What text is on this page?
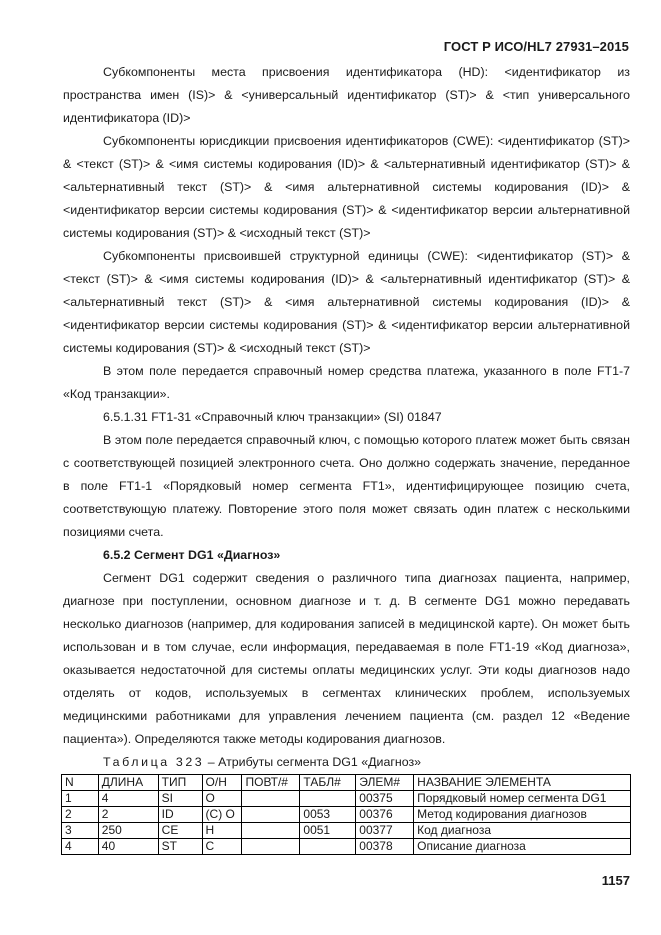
ГОСТ Р ИСО/HL7 27931–2015

Субкомпоненты места присвоения идентификатора (HD): <идентификатор из пространства имен (IS)> & <универсальный идентификатор (ST)> & <тип универсального идентификатора (ID)>

Субкомпоненты юрисдикции присвоения идентификаторов (CWE): <идентификатор (ST)> & <текст (ST)> & <имя системы кодирования (ID)> & <альтернативный идентификатор (ST)> & <альтернативный текст (ST)> & <имя альтернативной системы кодирования (ID)> & <идентификатор версии системы кодирования (ST)> & <идентификатор версии альтернативной системы кодирования (ST)> & <исходный текст (ST)>

Субкомпоненты присвоившей структурной единицы (CWE): <идентификатор (ST)> & <текст (ST)> & <имя системы кодирования (ID)> & <альтернативный идентификатор (ST)> & <альтернативный текст (ST)> & <имя альтернативной системы кодирования (ID)> & <идентификатор версии системы кодирования (ST)> & <идентификатор версии альтернативной системы кодирования (ST)> & <исходный текст (ST)>

В этом поле передается справочный номер средства платежа, указанного в поле FT1-7 «Код транзакции».

6.5.1.31 FT1-31 «Справочный ключ транзакции» (SI) 01847

В этом поле передается справочный ключ, с помощью которого платеж может быть связан с соответствующей позицией электронного счета. Оно должно содержать значение, переданное в поле FT1-1 «Порядковый номер сегмента FT1», идентифицирующее позицию счета, соответствующую платежу. Повторение этого поля может связать один платеж с несколькими позициями счета.

6.5.2 Сегмент DG1 «Диагноз»

Сегмент DG1 содержит сведения о различного типа диагнозах пациента, например, диагнозе при поступлении, основном диагнозе и т. д. В сегменте DG1 можно передавать несколько диагнозов (например, для кодирования записей в медицинской карте). Он может быть использован и в том случае, если информация, передаваемая в поле FT1-19 «Код диагноза», оказывается недостаточной для системы оплаты медицинских услуг. Эти коды диагнозов надо отделять от кодов, используемых в сегментах клинических проблем, используемых медицинскими работниками для управления лечением пациента (см. раздел 12 «Ведение пациента»). Определяются также методы кодирования диагнозов.

Таблица 323 – Атрибуты сегмента DG1 «Диагноз»

N	ДЛИНА	ТИП	О/Н	ПОВТ/#	ТАБЛ#	ЭЛЕМ#	НАЗВАНИЕ ЭЛЕМЕНТА
1	4	SI	О			00375	Порядковый номер сегмента DG1
2	2	ID	(С) О		0053	00376	Метод кодирования диагнозов
3	250	CE	Н		0051	00377	Код диагноза
4	40	ST	С			00378	Описание диагноза
1157
